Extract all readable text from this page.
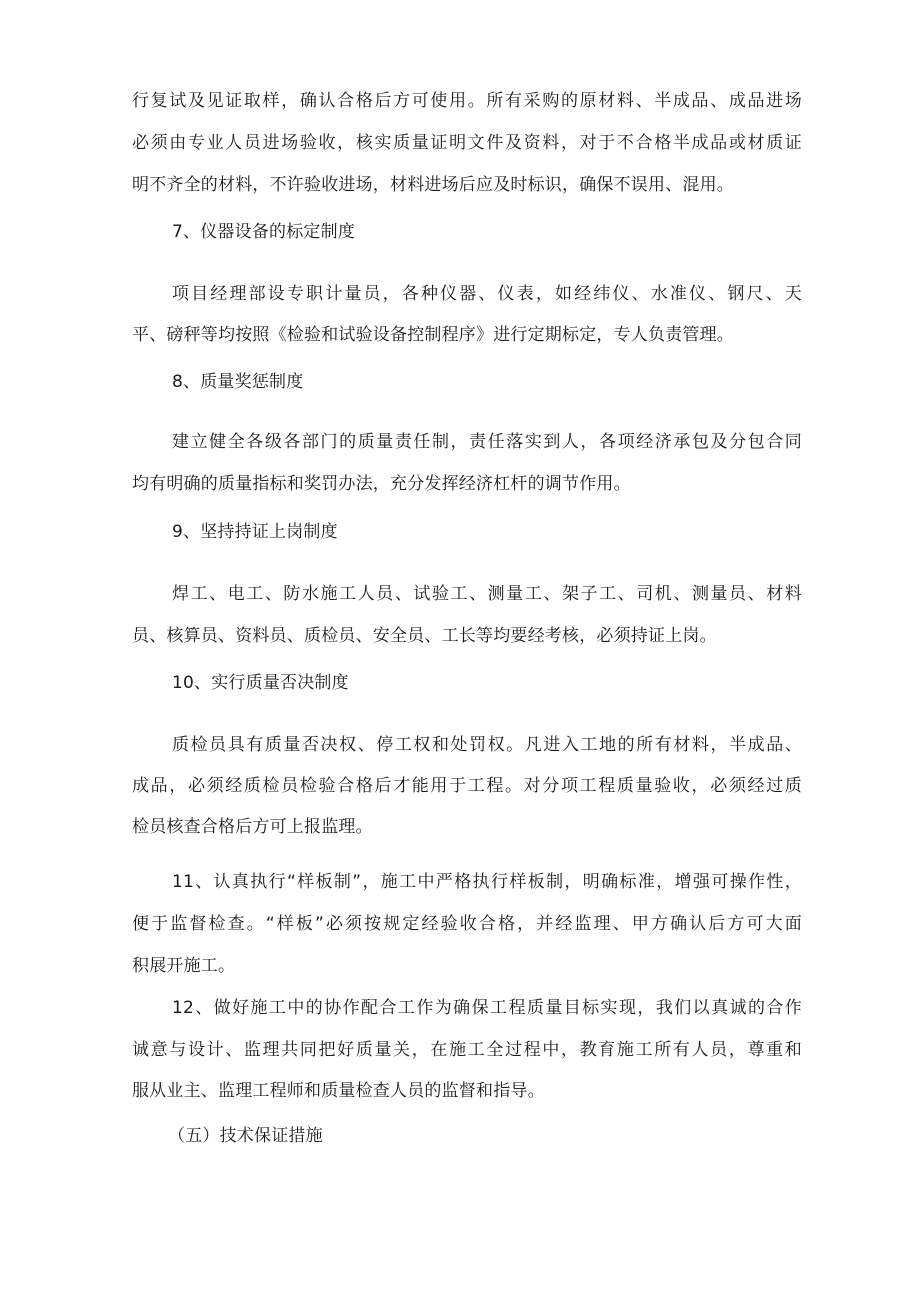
行复试及见证取样，确认合格后方可使用。所有采购的原材料、半成品、成品进场
必须由专业人员进场验收，核实质量证明文件及资料，对于不合格半成品或材质证
明不齐全的材料，不许验收进场，材料进场后应及时标识，确保不误用、混用。
7、仪器设备的标定制度
项目经理部设专职计量员，各种仪器、仪表，如经纬仪、水准仪、钢尺、天
平、磅秤等均按照《检验和试验设备控制程序》进行定期标定，专人负责管理。
8、质量奖惩制度
建立健全各级各部门的质量责任制，责任落实到人，各项经济承包及分包合同
均有明确的质量指标和奖罚办法，充分发挥经济杠杆的调节作用。
9、坚持持证上岗制度
焊工、电工、防水施工人员、试验工、测量工、架子工、司机、测量员、材料
员、核算员、资料员、质检员、安全员、工长等均要经考核，必须持证上岗。
10、实行质量否决制度
质检员具有质量否决权、停工权和处罚权。凡进入工地的所有材料，半成品、
成品，必须经质检员检验合格后才能用于工程。对分项工程质量验收，必须经过质
检员核查合格后方可上报监理。
11、认真执行“样板制”，施工中严格执行样板制，明确标准，增强可操作性，
便于监督检查。“样板”必须按规定经验收合格，并经监理、甲方确认后方可大面
积展开施工。
12、做好施工中的协作配合工作为确保工程质量目标实现，我们以真诚的合作
诚意与设计、监理共同把好质量关，在施工全过程中，教育施工所有人员，尊重和
服从业主、监理工程师和质量检查人员的监督和指导。
（五）技术保证措施
